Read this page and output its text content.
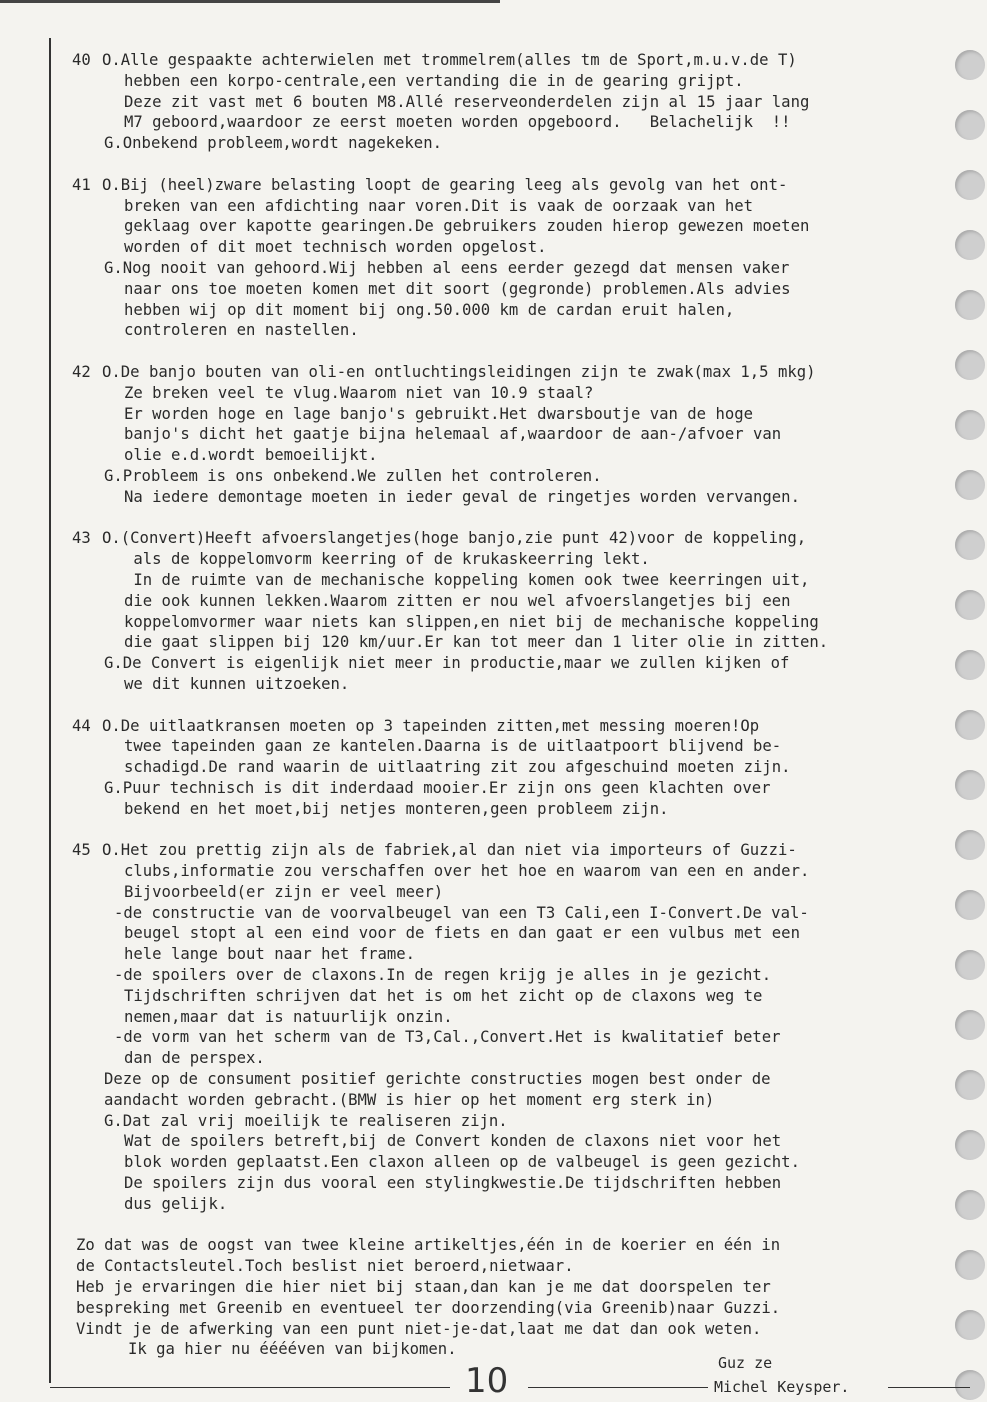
40 O.Alle gespaakte achterwielen met trommelrem(alles tm de Sport,m.u.v.de T)
hebben een korpo-centrale,een vertanding die in de gearing grijpt.
Deze zit vast met 6 bouten M8.Allé reserveonderdelen zijn al 15 jaar lang
M7 geboord,waardoor ze eerst moeten worden opgeboord.   Belachelijk  !!
G.Onbekend probleem,wordt nagekeken.
41 O.Bij (heel)zware belasting loopt de gearing leeg als gevolg van het ont-
breken van een afdichting naar voren.Dit is vaak de oorzaak van het
geklaag over kapotte gearingen.De gebruikers zouden hierop gewezen moeten
worden of dit moet technisch worden opgelost.
G.Nog nooit van gehoord.Wij hebben al eens eerder gezegd dat mensen vaker
naar ons toe moeten komen met dit soort (gegronde) problemen.Als advies
hebben wij op dit moment bij ong.50.000 km de cardan eruit halen,
controleren en nastellen.
42 O.De banjo bouten van oli-en ontluchtingsleidingen zijn te zwak(max 1,5 mkg)
Ze breken veel te vlug.Waarom niet van 10.9 staal?
Er worden hoge en lage banjo's gebruikt.Het dwarsboutje van de hoge
banjo's dicht het gaatje bijna helemaal af,waardoor de aan-/afvoer van
olie e.d.wordt bemoeilijkt.
G.Probleem is ons onbekend.We zullen het controleren.
Na iedere demontage moeten in ieder geval de ringetjes worden vervangen.
43 O.(Convert)Heeft afvoerslangetjes(hoge banjo,zie punt 42)voor de koppeling,
als de koppelomvorm keerring of de krukaskeerring lekt.
In de ruimte van de mechanische koppeling komen ook twee keerringen uit,
die ook kunnen lekken.Waarom zitten er nou wel afvoerslangetjes bij een
koppelomvormer waar niets kan slippen,en niet bij de mechanische koppeling
die gaat slippen bij 120 km/uur.Er kan tot meer dan 1 liter olie in zitten.
G.De Convert is eigenlijk niet meer in productie,maar we zullen kijken of
we dit kunnen uitzoeken.
44 O.De uitlaatkransen moeten op 3 tapeinden zitten,met messing moeren!Op
twee tapeinden gaan ze kantelen.Daarna is de uitlaatpoort blijvend be-
schadigd.De rand waarin de uitlaatring zit zou afgeschuind moeten zijn.
G.Puur technisch is dit inderdaad mooier.Er zijn ons geen klachten over
bekend en het moet,bij netjes monteren,geen probleem zijn.
45 O.Het zou prettig zijn als de fabriek,al dan niet via importeurs of Guzzi-
clubs,informatie zou verschaffen over het hoe en waarom van een en ander.
Bijvoorbeeld(er zijn er veel meer)
-de constructie van de voorvalbeugel van een T3 Cali,een I-Convert.De val-
beugel stopt al een eind voor de fiets en dan gaat er een vulbus met een
hele lange bout naar het frame.
-de spoilers over de claxons.In de regen krijg je alles in je gezicht.
Tijdschriften schrijven dat het is om het zicht op de claxons weg te
nemen,maar dat is natuurlijk onzin.
-de vorm van het scherm van de T3,Cal.,Convert.Het is kwalitatief beter
dan de perspex.
Deze op de consument positief gerichte constructies mogen best onder de
aandacht worden gebracht.(BMW is hier op het moment erg sterk in)
G.Dat zal vrij moeilijk te realiseren zijn.
Wat de spoilers betreft,bij de Convert konden de claxons niet voor het
blok worden geplaatst.Een claxon alleen op de valbeugel is geen gezicht.
De spoilers zijn dus vooral een stylingkwestie.De tijdschriften hebben
dus gelijk.
Zo dat was de oogst van twee kleine artikeltjes,één in de koerier en één in
de Contactsleutel.Toch beslist niet beroerd,nietwaar.
Heb je ervaringen die hier niet bij staan,dan kan je me dat doorspelen ter
bespreking met Greenib en eventueel ter doorzending(via Greenib)naar Guzzi.
Vindt je de afwerking van een punt niet-je-dat,laat me dat dan ook weten.
Ik ga hier nu ééééven van bijkomen.
10	Guz ze
Michel Keysper.
